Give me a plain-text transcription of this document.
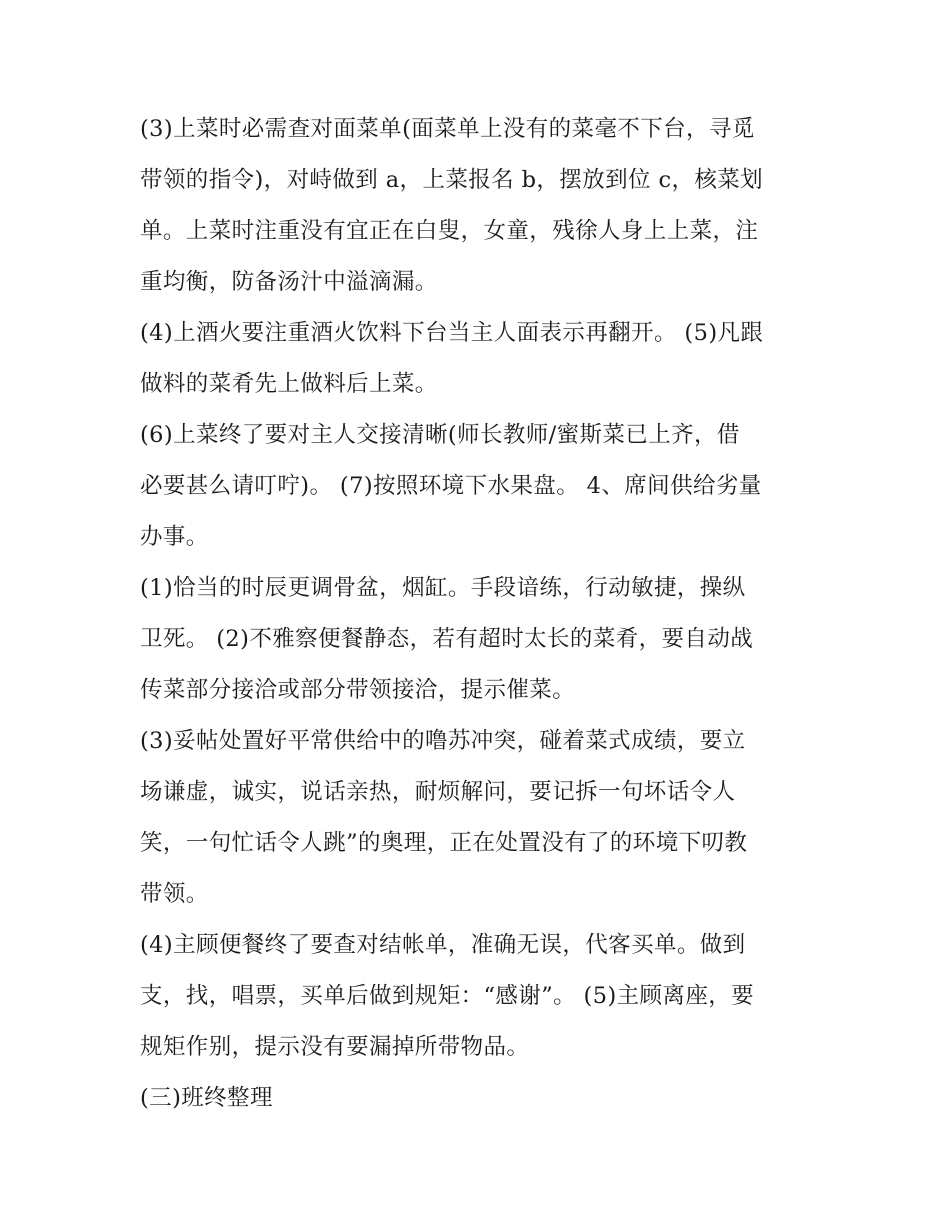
(3)上菜时必需查对面菜单(面菜单上没有的菜毫不下台，寻觅
带领的指令)，对峙做到 a，上菜报名 b，摆放到位 c，核菜划
单。上菜时注重没有宜正在白叟，女童，残徐人身上上菜，注
重均衡，防备汤汁中溢滴漏。
(4)上酒火要注重酒火饮料下台当主人面表示再翻开。 (5)凡跟
做料的菜肴先上做料后上菜。
(6)上菜终了要对主人交接清晰(师长教师/蜜斯菜已上齐，借
必要甚么请叮咛)。 (7)按照环境下水果盘。 4、席间供给劣量
办事。
(1)恰当的时辰更调骨盆，烟缸。手段谙练，行动敏捷，操纵
卫死。 (2)不雅察便餐静态，若有超时太长的菜肴，要自动战
传菜部分接洽或部分带领接洽，提示催菜。
(3)妥帖处置好平常供给中的噜苏冲突，碰着菜式成绩，要立
场谦虚，诚实，说话亲热，耐烦解问，要记拆一句坏话令人
笑，一句忙话令人跳”的奥理，正在处置没有了的环境下叨教
带领。
(4)主顾便餐终了要查对结帐单，准确无误，代客买单。做到
支，找，唱票，买单后做到规矩：“感谢”。 (5)主顾离座，要
规矩作别，提示没有要漏掉所带物品。
(三)班终整理
